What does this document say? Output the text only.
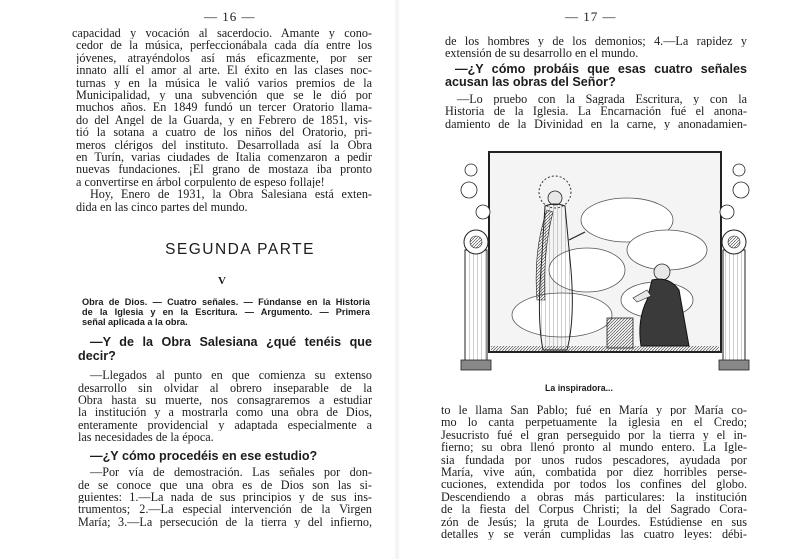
— 16 —
capacidad y vocación al sacerdocio. Amante y cono-
cedor de la música, perfeccionábala cada día entre los
jóvenes, atrayéndolos así más eficazmente, por ser
innato allí el amor al arte. El éxito en las clases noc-
turnas y en la música le valió varios premios de la
Municipalidad, y una subvención que se le dió por
muchos años. En 1849 fundó un tercer Oratorio llama-
do del Angel de la Guarda, y en Febrero de 1851, vis-
tió la sotana a cuatro de los niños del Oratorio, pri-
meros clérigos del instituto. Desarrollada así la Obra
en Turín, varias ciudades de Italia comenzaron a pedir
nuevas fundaciones. ¡El grano de mostaza iba pronto
a convertirse en árbol corpulento de espeso follaje!
Hoy, Enero de 1931, la Obra Salesiana está exten-
dida en las cinco partes del mundo.
SEGUNDA PARTE
V
Obra de Dios. — Cuatro señales. — Fúndanse en la Historia
de la Iglesia y en la Escritura. — Argumento. — Primera
señal aplicada a la obra.
—Y de la Obra Salesiana ¿qué tenéis que
decir?
—Llegados al punto en que comienza su extenso
desarrollo sin olvidar al obrero inseparable de la
Obra hasta su muerte, nos consagraremos a estudiar
la institución y a mostrarla como una obra de Dios,
enteramente providencial y adaptada especialmente a
las necesidades de la época.
—¿Y cómo procedéis en ese estudio?
—Por vía de demostración. Las señales por don-
de se conoce que una obra es de Dios son las si-
guientes: 1.—La nada de sus principios y de sus ins-
trumentos; 2.—La especial intervención de la Virgen
María; 3.—La persecución de la tierra y del infierno,
— 17 —
de los hombres y de los demonios; 4.—La rapidez y
extensión de su desarrollo en el mundo.
—¿Y cómo probáis que esas cuatro señales
acusan las obras del Señor?
—Lo pruebo con la Sagrada Escritura, y con la
Historia de la Iglesia. La Encarnación fué el anona-
damiento de la Divinidad en la carne, y anonadamien-
La inspiradora...
to le llama San Pablo; fué en María y por María co-
mo lo canta perpetuamente la iglesia en el Credo;
Jesucristo fué el gran perseguido por la tierra y el in-
fierno; su obra llenó pronto al mundo entero. La Igle-
sia fundada por unos rudos pescadores, ayudada por
María, vive aún, combatida por diez horribles perse-
cuciones, extendida por todos los confines del globo.
Descendiendo a obras más particulares: la institución
de la fiesta del Corpus Christi; la del Sagrado Cora-
zón de Jesús; la gruta de Lourdes. Estúdiense en sus
detalles y se verán cumplidas las cuatro leyes: débi-
